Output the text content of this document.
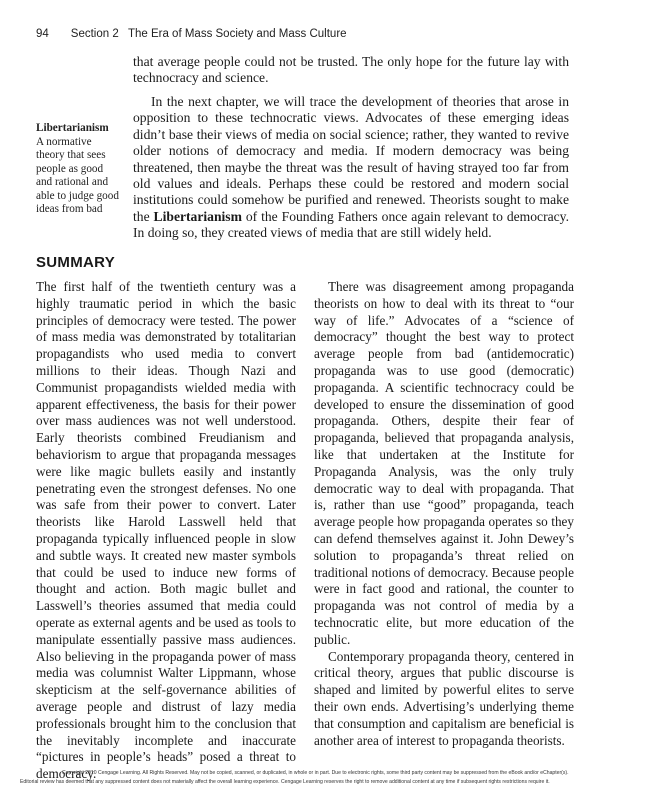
94 Section 2 The Era of Mass Society and Mass Culture

that average people could not be trusted. The only hope for the future lay with technocracy and science.

In the next chapter, we will trace the development of theories that arose in opposition to these technocratic views. Advocates of these emerging ideas didn’t base their views of media on social science; rather, they wanted to revive older notions of democracy and media. If modern democracy was being threatened, then maybe the threat was the result of having strayed too far from old values and ideals. Perhaps these could be restored and modern social institutions could somehow be purified and renewed. Theorists sought to make the Libertarianism of the Founding Fathers once again relevant to democracy. In doing so, they created views of media that are still widely held.

Libertarianism
A normative theory that sees people as good and rational and able to judge good ideas from bad
SUMMARY

The first half of the twentieth century was a highly traumatic period in which the basic principles of democracy were tested. The power of mass media was demonstrated by totalitarian propagandists who used media to convert millions to their ideas. Though Nazi and Communist propagandists wielded media with apparent effectiveness, the basis for their power over mass audiences was not well understood. Early theorists combined Freudianism and behaviorism to argue that propaganda messages were like magic bullets easily and instantly penetrating even the strongest defenses. No one was safe from their power to convert. Later theorists like Harold Lasswell held that propaganda typically influenced people in slow and subtle ways. It created new master symbols that could be used to induce new forms of thought and action. Both magic bullet and Lasswell’s theories assumed that media could operate as external agents and be used as tools to manipulate essentially passive mass audiences. Also believing in the propaganda power of mass media was columnist Walter Lippmann, whose skepticism at the self-governance abilities of average people and distrust of lazy media professionals brought him to the conclusion that the inevitably incomplete and inaccurate “pictures in people’s heads” posed a threat to democracy.

There was disagreement among propaganda theorists on how to deal with its threat to “our way of life.” Advocates of a “science of democracy” thought the best way to protect average people from bad (antidemocratic) propaganda was to use good (democratic) propaganda. A scientific technocracy could be developed to ensure the dissemination of good propaganda. Others, despite their fear of propaganda, believed that propaganda analysis, like that undertaken at the Institute for Propaganda Analysis, was the only truly democratic way to deal with propaganda. That is, rather than use “good” propaganda, teach average people how propaganda operates so they can defend themselves against it. John Dewey’s solution to propaganda’s threat relied on traditional notions of democracy. Because people were in fact good and rational, the counter to propaganda was not control of media by a technocratic elite, but more education of the public.

Contemporary propaganda theory, centered in critical theory, argues that public discourse is shaped and limited by powerful elites to serve their own ends. Advertising’s underlying theme that consumption and capitalism are beneficial is another area of interest to propaganda theorists.

Copyright 2010 Cengage Learning. All Rights Reserved. May not be copied, scanned, or duplicated, in whole or in part. Due to electronic rights, some third party content may be suppressed from the eBook and/or eChapter(s).
Editorial review has deemed that any suppressed content does not materially affect the overall learning experience. Cengage Learning reserves the right to remove additional content at any time if subsequent rights restrictions require it.
